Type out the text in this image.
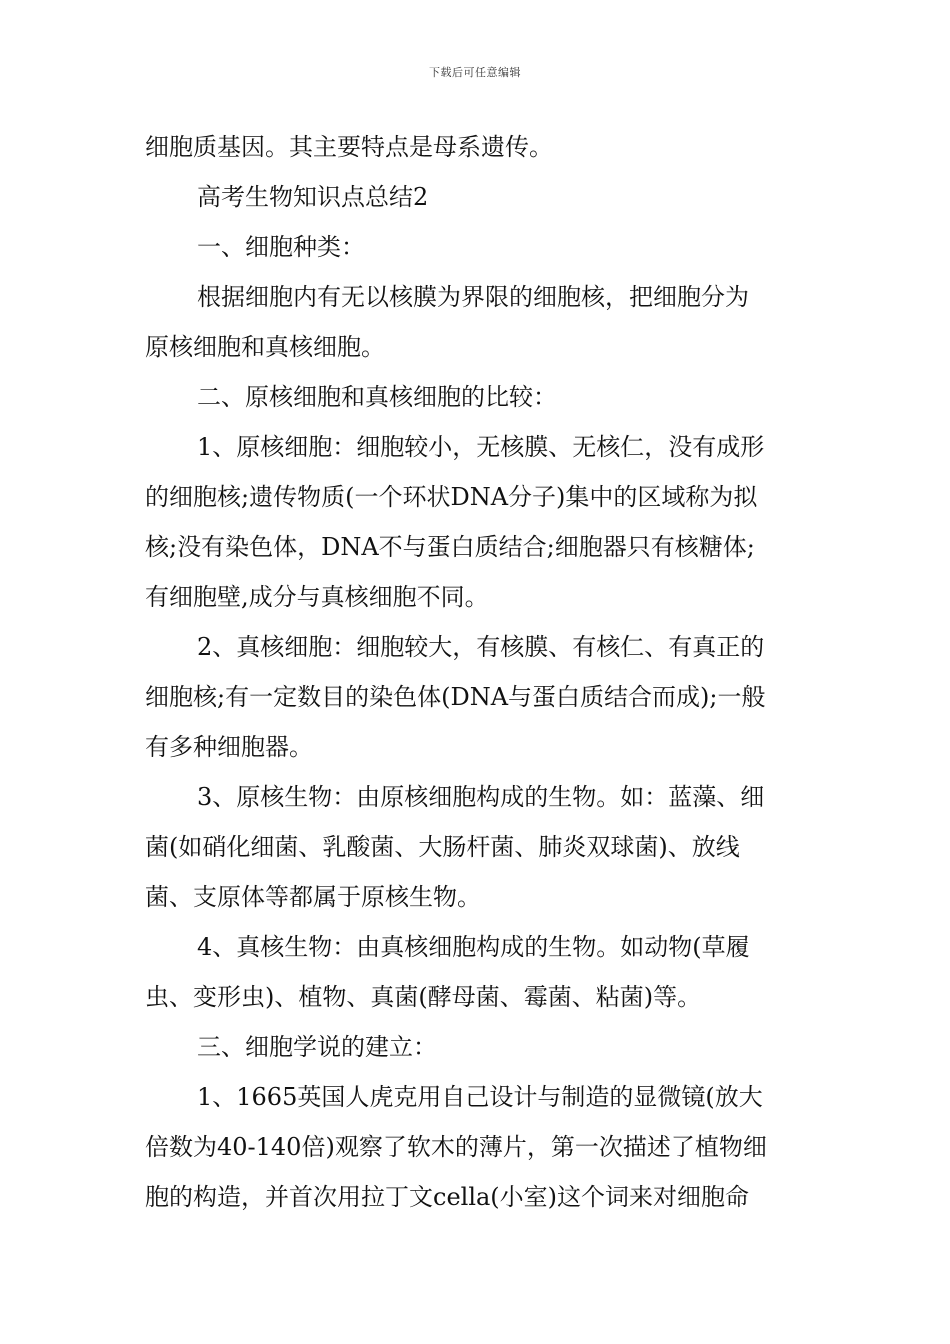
下载后可任意编辑
细胞质基因。其主要特点是母系遗传。
高考生物知识点总结2
一、细胞种类：
根据细胞内有无以核膜为界限的细胞核，把细胞分为
原核细胞和真核细胞。
二、原核细胞和真核细胞的比较：
1、原核细胞：细胞较小，无核膜、无核仁，没有成形
的细胞核;遗传物质(一个环状DNA分子)集中的区域称为拟
核;没有染色体，DNA不与蛋白质结合;细胞器只有核糖体;
有细胞壁,成分与真核细胞不同。
2、真核细胞：细胞较大，有核膜、有核仁、有真正的
细胞核;有一定数目的染色体(DNA与蛋白质结合而成);一般
有多种细胞器。
3、原核生物：由原核细胞构成的生物。如：蓝藻、细
菌(如硝化细菌、乳酸菌、大肠杆菌、肺炎双球菌)、放线
菌、支原体等都属于原核生物。
4、真核生物：由真核细胞构成的生物。如动物(草履
虫、变形虫)、植物、真菌(酵母菌、霉菌、粘菌)等。
三、细胞学说的建立：
1、1665英国人虎克用自己设计与制造的显微镜(放大
倍数为40-140倍)观察了软木的薄片，第一次描述了植物细
胞的构造，并首次用拉丁文cella(小室)这个词来对细胞命
